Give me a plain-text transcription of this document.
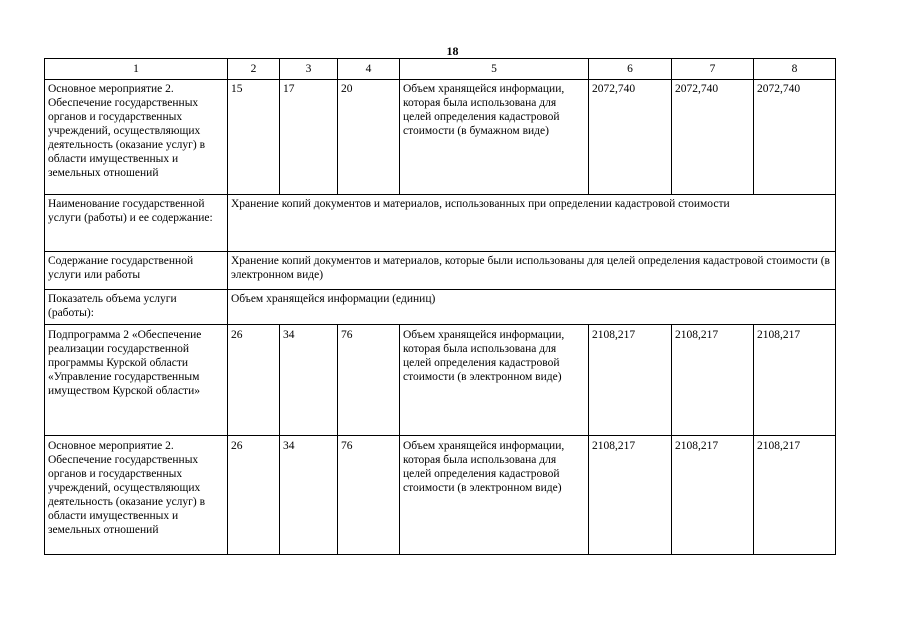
18
1	2	3	4	5	6	7	8
Основное мероприятие 2. Обеспечение государственных органов и государственных учреждений, осуществляющих деятельность (оказание услуг) в области имущественных и земельных отношений	15	17	20	Объем хранящейся информации, которая была использована для целей определения кадастровой стоимости (в бумажном виде)	2072,740	2072,740	2072,740
Наименование государственной услуги (работы) и ее содержание:	Хранение копий документов и материалов, использованных при определении кадастровой стоимости						
Содержание государственной услуги или работы	Хранение копий документов и материалов, которые были использованы для целей определения кадастровой стоимости (в электронном виде)						
Показатель объема услуги (работы):	Объем хранящейся информации (единиц)						
Подпрограмма 2 «Обеспечение реализации государственной программы Курской области «Управление государственным имуществом Курской области»	26	34	76	Объем хранящейся информации, которая была использована для целей определения кадастровой стоимости (в электронном виде)	2108,217	2108,217	2108,217
Основное мероприятие 2. Обеспечение государственных органов и государственных учреждений, осуществляющих деятельность (оказание услуг) в области имущественных и земельных отношений	26	34	76	Объем хранящейся информации, которая была использована для целей определения кадастровой стоимости (в электронном виде)	2108,217	2108,217	2108,217
